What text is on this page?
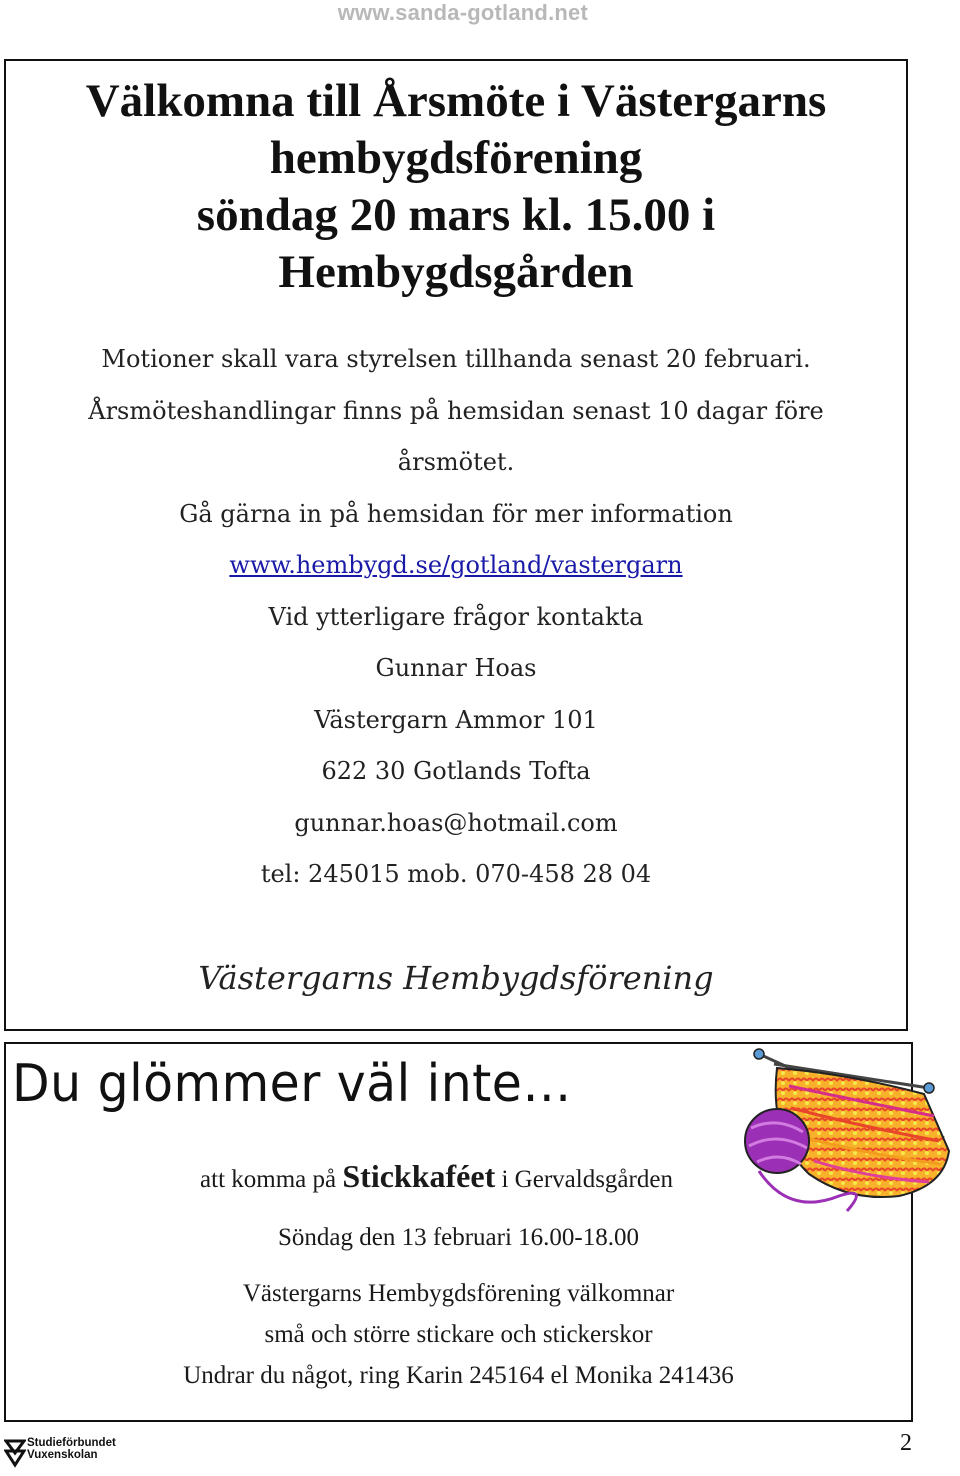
www.sanda-gotland.net
Välkomna till Årsmöte i Västergarns
hembygdsförening
söndag 20 mars kl. 15.00 i
Hembygdsgården
Motioner skall vara styrelsen tillhanda senast 20 februari.
Årsmöteshandlingar finns på hemsidan senast 10 dagar före
årsmötet.
Gå gärna in på hemsidan för mer information
www.hembygd.se/gotland/vastergarn
Vid ytterligare frågor kontakta
Gunnar Hoas
Västergarn Ammor 101
622 30 Gotlands Tofta
gunnar.hoas@hotmail.com
tel: 245015 mob. 070-458 28 04
Västergarns Hembygdsförening
Du glömmer väl inte…
att komma på Stickkaféet i Gervaldsgården
Söndag den 13 februari 16.00-18.00
Västergarns Hembygdsförening välkomnar
små och större stickare och stickerskor
Undrar du något, ring Karin 245164 el Monika 241436
Studieförbundet
Vuxenskolan	2
